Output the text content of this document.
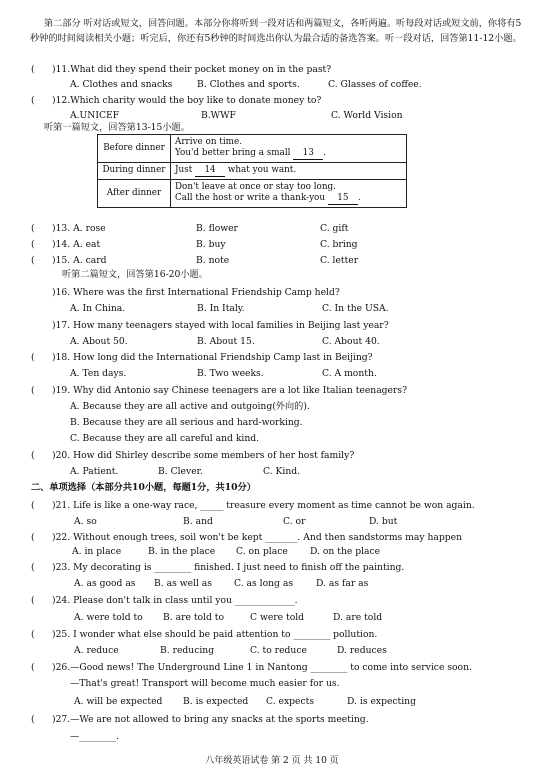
第二部分 听对话或短文，回答问题。本部分你将听到一段对话和两篇短文，各听两遍。听每段对话或短文前，你将有5秒钟的时间阅读相关小题；听完后，你还有5秒钟的时间选出你认为最合适的备选答案。听一段对话，回答第11-12小题。
( )11.What did they spend their pocket money on in the past?
A. Clothes and snacks	B. Clothes and sports.	C. Glasses of coffee.
( )12.Which charity would the boy like to donate money to?
A.UNICEF	B.WWF	C. World Vision
听第一篇短文，回答第13-15小题。
Before dinner	Arrive on time.
You'd better bring a small 13 .

During dinner	Just 14 what you want.
After dinner	Don't leave at once or stay too long.
Call the host or write a thank-you 15 .
( )13. A. rose	B. flower	C. gift
( )14. A. eat	B. buy	C. bring
( )15. A. card	B. note	C. letter
听第二篇短文，回答第16-20小题。
)16. Where was the first International Friendship Camp held?
A. In China.	B. In Italy.	C. In the USA.
)17. How many teenagers stayed with local families in Beijing last year?
A. About 50.	B. About 15.	C. About 40.
( )18. How long did the International Friendship Camp last in Beijing?
A. Ten days.	B. Two weeks.	C. A month.
( )19. Why did Antonio say Chinese teenagers are a lot like Italian teenagers?
A. Because they are all active and outgoing(外向的).
B. Because they are all serious and hard-working.
C. Because they are all careful and kind.
( )20. How did Shirley describe some members of her host family?
A. Patient.	B. Clever.	C. Kind.
二、单项选择（本部分共10小题，每题1分，共10分）
( )21. Life is like a one-way race, _____ treasure every moment as time cannot be won again.
A. so	B. and	C. or	D. but
( )22. Without enough trees, soil won't be kept _______. And then sandstorms may happen
A. in place	B. in the place C. on place D. on the place
( )23. My decorating is ________ finished. I just need to finish off the painting.
A. as good as B. as well as C. as long as D. as far as
( )24. Please don't talk in class until you _____________.
A. were told to B. are told to	C were told	D. are told
( )25. I wonder what else should be paid attention to ________ pollution.
A. reduce	B. reducing	C. to reduce	D. reduces
( )26.—Good news! The Underground Line 1 in Nantong ________ to come into service soon.
—That's great! Transport will become much easier for us.
A. will be expected B. is expected C. expects	D. is expecting
( )27.—We are not allowed to bring any snacks at the sports meeting.
—________.
八年级英语试卷 第 2 页 共 10 页
